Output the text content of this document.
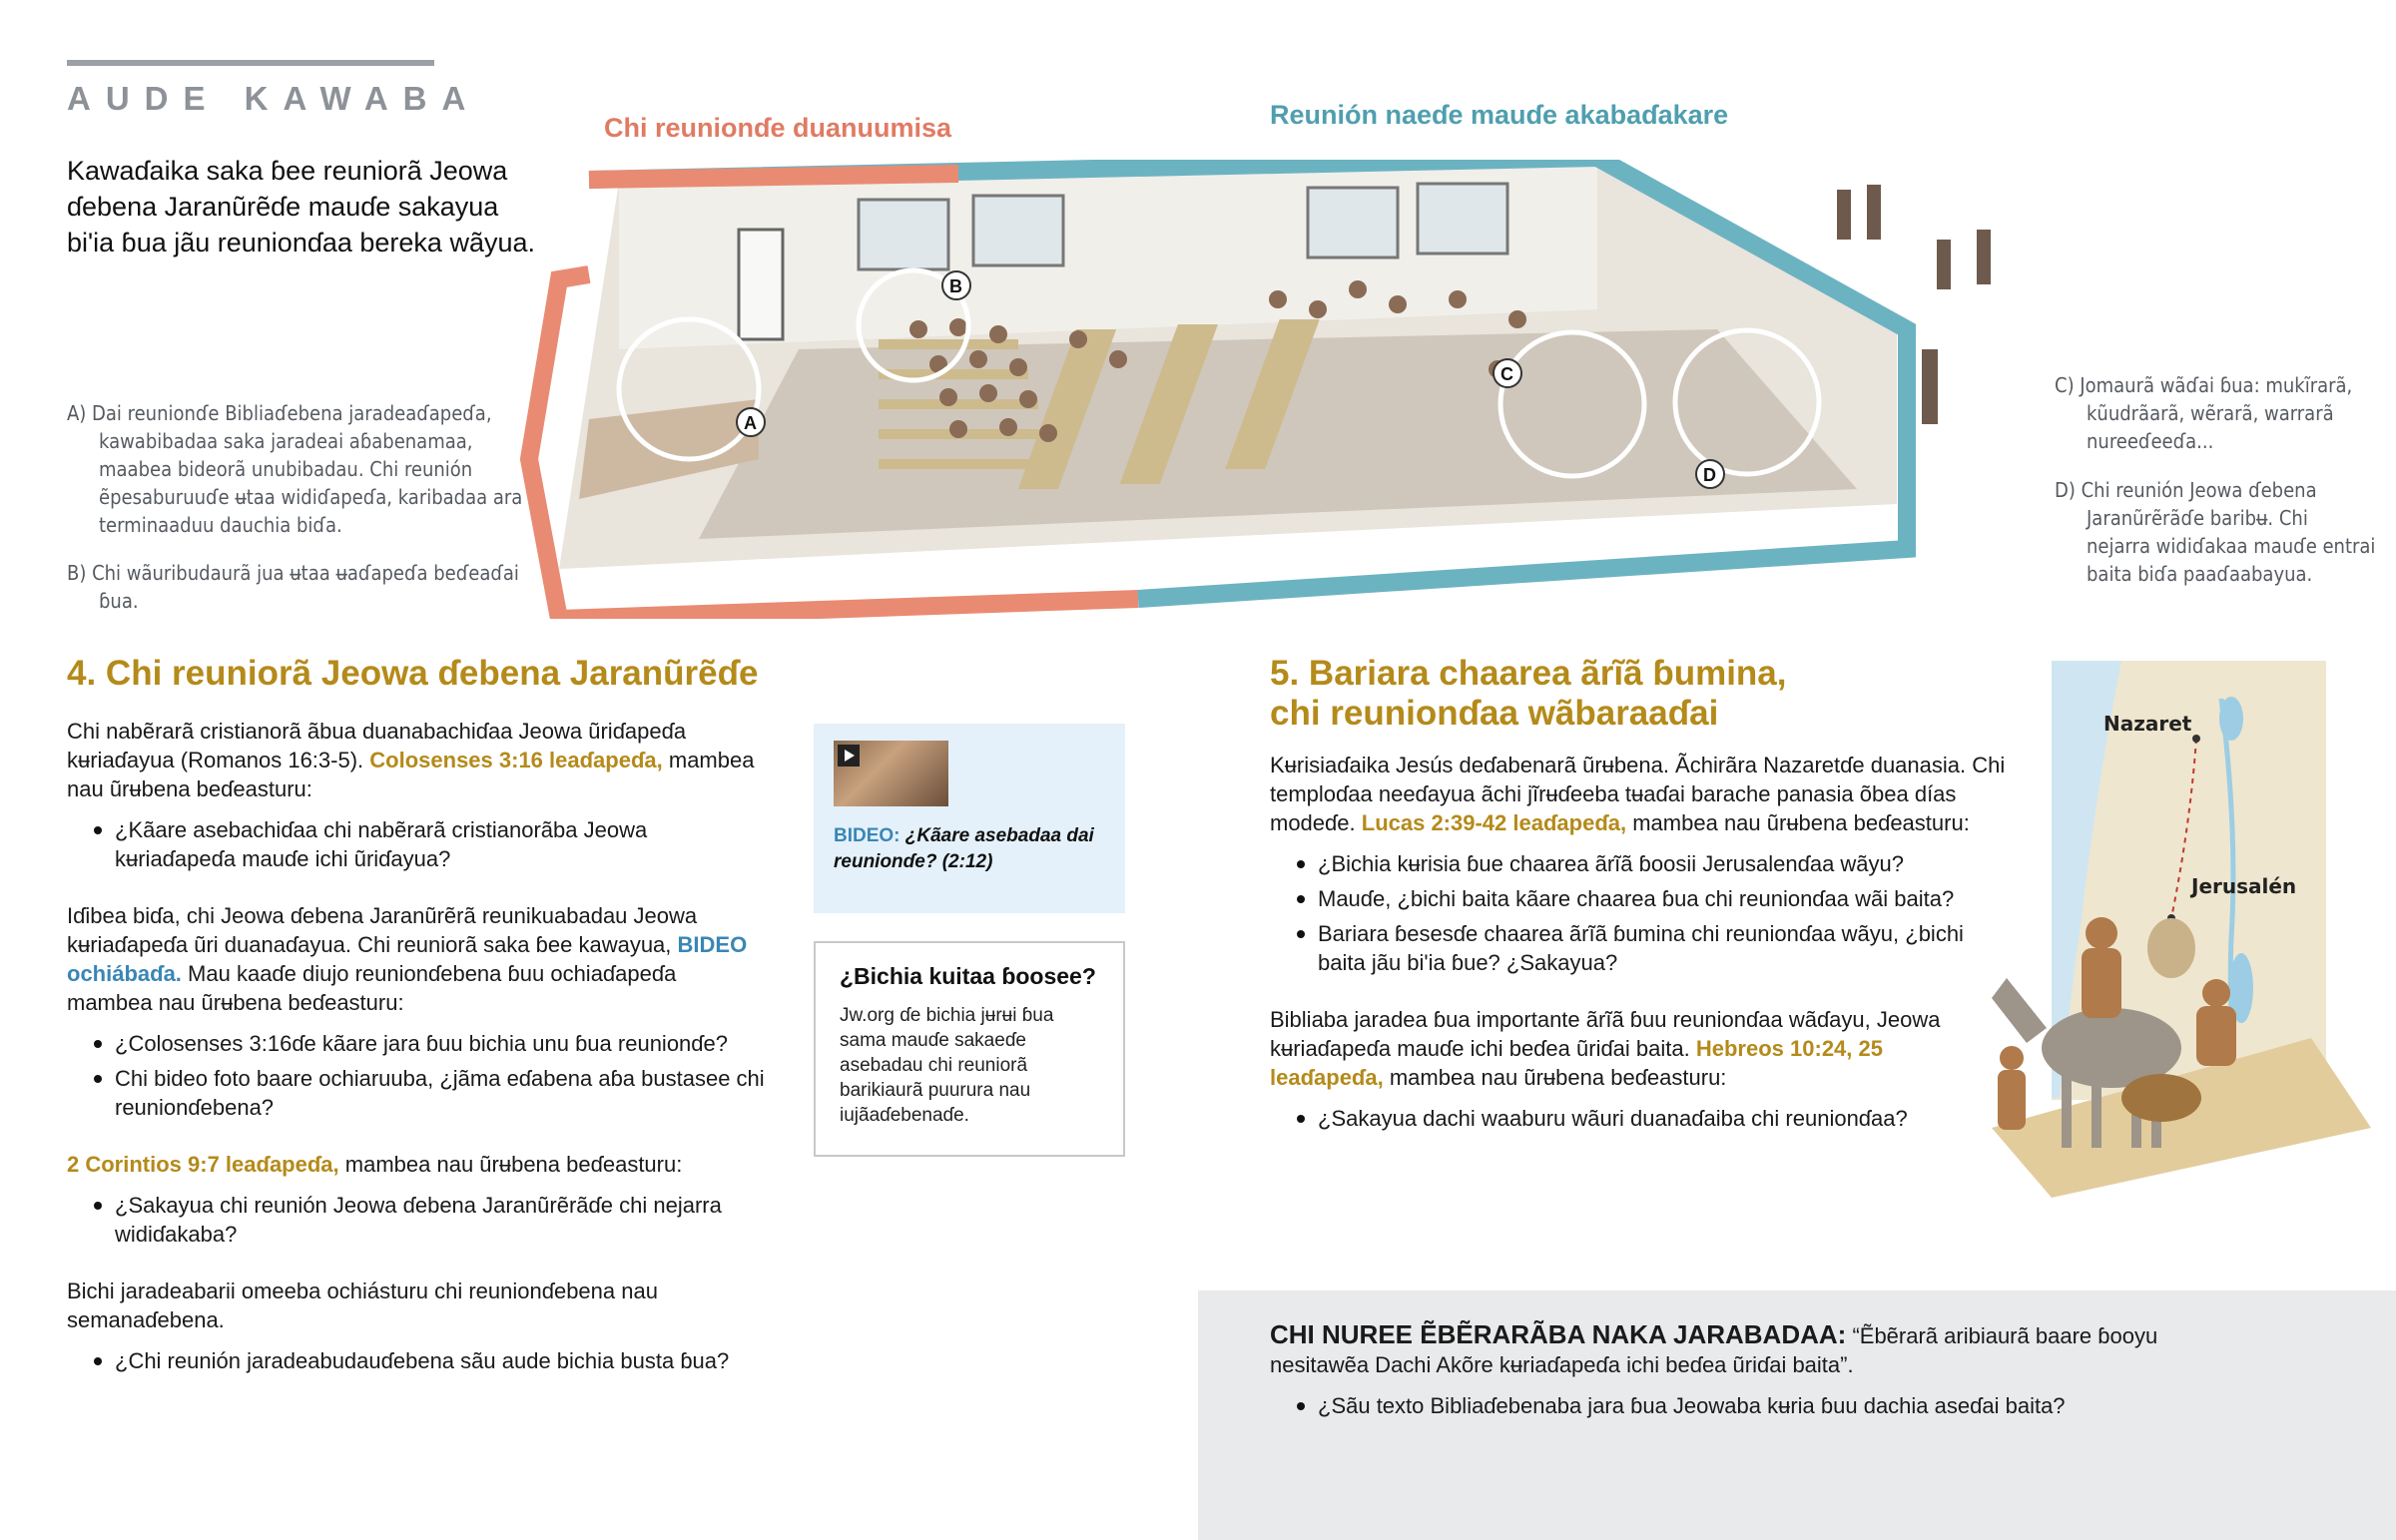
AUDE KAWABA
Kawaɗaika saka ɓee reuniorã Jeowa ɗebena Jaranũrẽɗe mauɗe sakayua bi'ia ɓua jãu reunionɗaa bereka wãyua.
Chi reunionɗe duanuumisa	Reunión naeɗe mauɗe akabaɗakare
A
B
C
D
A) Dai reunionɗe Bibliaɗebena jaradeaɗapeɗa, kawabibadaa saka jaradeai aɓabenamaa, maabea bideorã unubibadau. Chi reunión ẽpesaburuuɗe ʉtaa widiɗapeɗa, karibadaa ara terminaaduu dauchia biɗa.
B) Chi wãuribudaurã jua ʉtaa ʉaɗapeɗa beɗeaɗai ɓua.
C) Jomaurã wãɗai ɓua: mukĩrarã, kũudrãarã, wẽrarã, warrarã nureeɗeeɗa...
D) Chi reunión Jeowa ɗebena Jaranũrẽrãɗe baribʉ. Chi nejarra widiɗakaa mauɗe entrai baita biɗa paaɗaabayua.
4. Chi reuniorã Jeowa ɗebena Jaranũrẽɗe

Chi nabẽrarã cristianorã ãbua duanabachiɗaa Jeowa ũriɗapeɗa kʉriaɗayua (Romanos 16:3-5). Colosenses 3:16 leaɗapeɗa, mambea nau ũrʉbena beɗeasturu:

¿Kãare asebachiɗaa chi nabẽrarã cristianorãba Jeowa kʉriaɗapeɗa mauɗe ichi ũriɗayua?

Iɗibea biɗa, chi Jeowa ɗebena Jaranũrẽrã reunikuabadau Jeowa kʉriaɗapeɗa ũri duanaɗayua. Chi reuniorã saka ɓee kawayua, BIDEO ochiábaɗa. Mau kaaɗe diujo reunionɗebena ɓuu ochiaɗapeɗa mambea nau ũrʉbena beɗeasturu:

¿Colosenses 3:16ɗe kãare jara ɓuu bichia unu ɓua reunionɗe?
Chi bideo foto baare ochiaruuba, ¿jãma eɗabena aɓa bustasee chi reunionɗebena?

2 Corintios 9:7 leaɗapeɗa, mambea nau ũrʉbena beɗeasturu:

¿Sakayua chi reunión Jeowa ɗebena Jaranũrẽrãɗe chi nejarra widiɗakaba?

Bichi jaradeabarii omeeba ochiásturu chi reunionɗebena nau semanaɗebena.

¿Chi reunión jaradeabudauɗebena sãu aude bichia busta ɓua?
BIDEO: ¿Kãare asebadaa dai reunionɗe? (2:12)
¿Bichia kuitaa ɓoosee?
Jw.org ɗe bichia jʉrʉi ɓua sama mauɗe sakaeɗe asebadau chi reuniorã barikiaurã puurura nau iujãaɗebenaɗe.
5. Bariara chaarea ãrĩã ɓumina,
chi reunionɗaa wãbaraaɗai

Kʉrisiaɗaika Jesús deɗabenarã ũrʉbena. Ãchirãra Nazaretɗe duanasia. Chi temploɗaa neeɗayua ãchi jĩrʉɗeeba tʉaɗai barache panasia õbea días modeɗe. Lucas 2:39-42 leaɗapeɗa, mambea nau ũrʉbena beɗeasturu:

¿Bichia kʉrisia ɓue chaarea ãrĩã ɓoosii Jerusalenɗaa wãyu?
Mauɗe, ¿bichi baita kãare chaarea ɓua chi reunionɗaa wãi baita?
Bariara ɓesesɗe chaarea ãrĩã ɓumina chi reunionɗaa wãyu, ¿bichi baita jãu bi'ia ɓue? ¿Sakayua?

Bibliaba jaradea ɓua importante ãrĩã ɓuu reunionɗaa wãɗayu, Jeowa kʉriaɗapeɗa mauɗe ichi beɗea ũriɗai baita. Hebreos 10:24, 25 leaɗapeɗa, mambea nau ũrʉbena beɗeasturu:

¿Sakayua dachi waaburu wãuri duanaɗaiba chi reunionɗaa?
Nazaret
Jerusalén
CHI NUREE ẼBẼRARÃBA NAKA JARABADAA: “Ẽbẽrarã aribiaurã baare ɓooyu nesitawẽa Dachi Akõre kʉriaɗapeɗa ichi beɗea ũriɗai baita”.
¿Sãu texto Bibliaɗebenaba jara ɓua Jeowaba kʉria ɓuu dachia aseɗai baita?
